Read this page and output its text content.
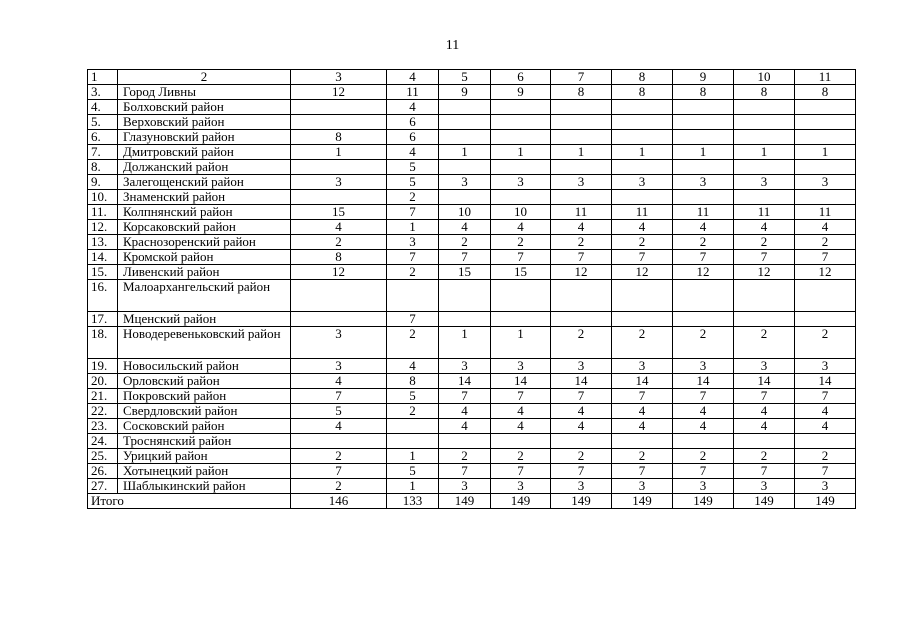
11
1	2	3	4	5	6	7	8	9	10	11
3.	Город Ливны	12	11	9	9	8	8	8	8	8
4.	Болховский район		4							
5.	Верховский район		6							
6.	Глазуновский район	8	6							
7.	Дмитровский район	1	4	1	1	1	1	1	1	1
8.	Должанский район		5							
9.	Залегощенский район	3	5	3	3	3	3	3	3	3
10.	Знаменский район		2							
11.	Колпнянский район	15	7	10	10	11	11	11	11	11
12.	Корсаковский район	4	1	4	4	4	4	4	4	4
13.	Краснозоренский район	2	3	2	2	2	2	2	2	2
14.	Кромской район	8	7	7	7	7	7	7	7	7
15.	Ливенский район	12	2	15	15	12	12	12	12	12
16.	Малоархангельский район									
17.	Мценский район		7							
18.	Новодеревеньковский район	3	2	1	1	2	2	2	2	2
19.	Новосильский район	3	4	3	3	3	3	3	3	3
20.	Орловский район	4	8	14	14	14	14	14	14	14
21.	Покровский район	7	5	7	7	7	7	7	7	7
22.	Свердловский район	5	2	4	4	4	4	4	4	4
23.	Сосковский район	4		4	4	4	4	4	4	4
24.	Троснянский район									
25.	Урицкий район	2	1	2	2	2	2	2	2	2
26.	Хотынецкий район	7	5	7	7	7	7	7	7	7
27.	Шаблыкинский район	2	1	3	3	3	3	3	3	3
Итого		146	133	149	149	149	149	149	149	149
